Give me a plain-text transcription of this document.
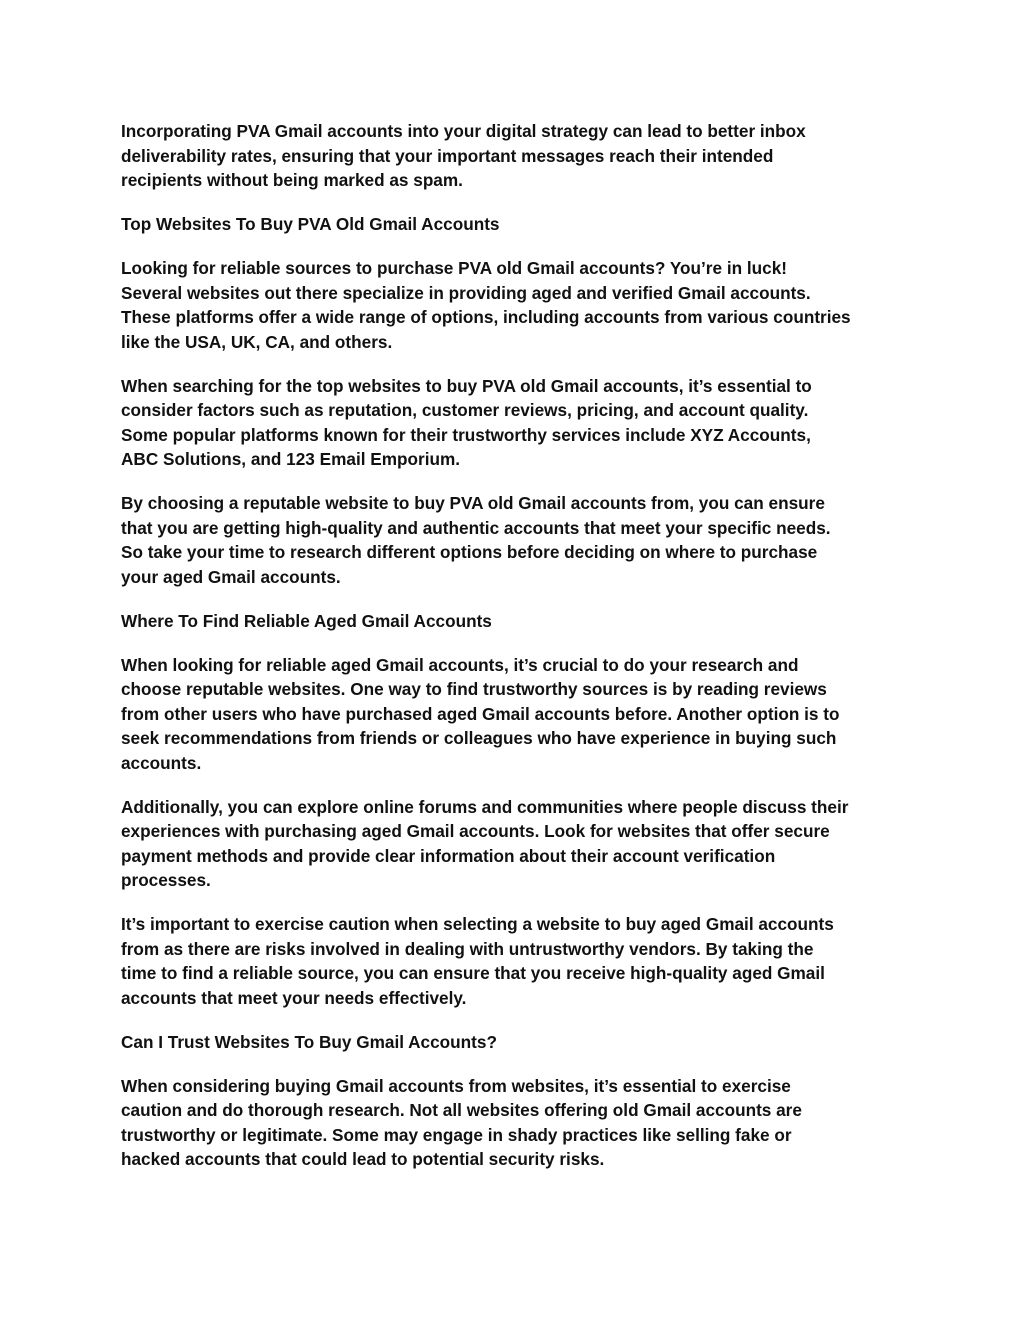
Incorporating PVA Gmail accounts into your digital strategy can lead to better inbox
deliverability rates, ensuring that your important messages reach their intended
recipients without being marked as spam.

Top Websites To Buy PVA Old Gmail Accounts

Looking for reliable sources to purchase PVA old Gmail accounts? You’re in luck!
Several websites out there specialize in providing aged and verified Gmail accounts.
These platforms offer a wide range of options, including accounts from various countries
like the USA, UK, CA, and others.

When searching for the top websites to buy PVA old Gmail accounts, it’s essential to
consider factors such as reputation, customer reviews, pricing, and account quality.
Some popular platforms known for their trustworthy services include XYZ Accounts,
ABC Solutions, and 123 Email Emporium.

By choosing a reputable website to buy PVA old Gmail accounts from, you can ensure
that you are getting high-quality and authentic accounts that meet your specific needs.
So take your time to research different options before deciding on where to purchase
your aged Gmail accounts.

Where To Find Reliable Aged Gmail Accounts

When looking for reliable aged Gmail accounts, it’s crucial to do your research and
choose reputable websites. One way to find trustworthy sources is by reading reviews
from other users who have purchased aged Gmail accounts before. Another option is to
seek recommendations from friends or colleagues who have experience in buying such
accounts.

Additionally, you can explore online forums and communities where people discuss their
experiences with purchasing aged Gmail accounts. Look for websites that offer secure
payment methods and provide clear information about their account verification
processes.

It’s important to exercise caution when selecting a website to buy aged Gmail accounts
from as there are risks involved in dealing with untrustworthy vendors. By taking the
time to find a reliable source, you can ensure that you receive high-quality aged Gmail
accounts that meet your needs effectively.

Can I Trust Websites To Buy Gmail Accounts?

When considering buying Gmail accounts from websites, it’s essential to exercise
caution and do thorough research. Not all websites offering old Gmail accounts are
trustworthy or legitimate. Some may engage in shady practices like selling fake or
hacked accounts that could lead to potential security risks.
